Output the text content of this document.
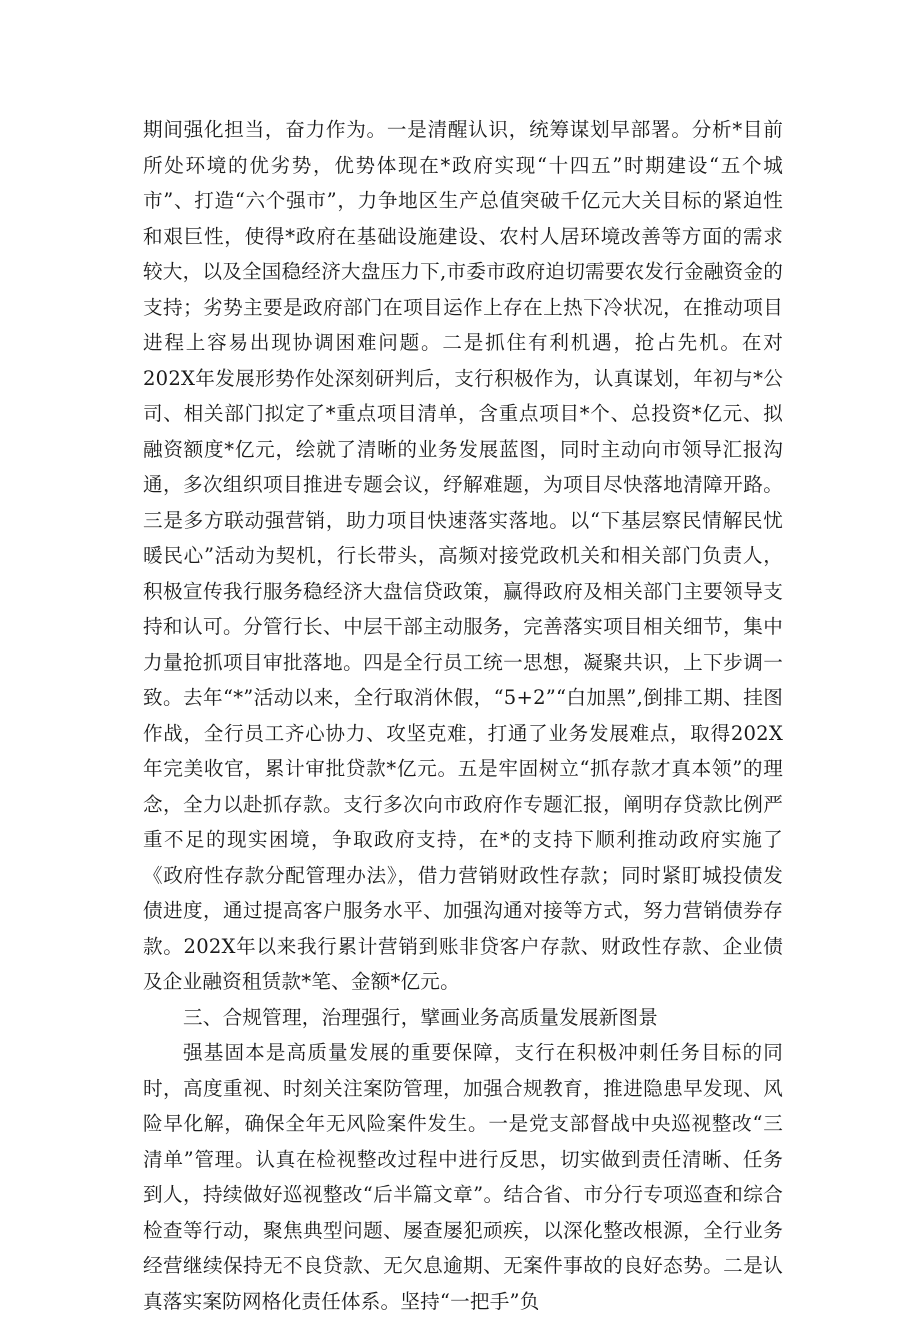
期间强化担当，奋力作为。一是清醒认识，统筹谋划早部署。分析*目前所处环境的优劣势，优势体现在*政府实现“十四五”时期建设“五个城市”、打造“六个强市”，力争地区生产总值突破千亿元大关目标的紧迫性和艰巨性，使得*政府在基础设施建设、农村人居环境改善等方面的需求较大，以及全国稳经济大盘压力下,市委市政府迫切需要农发行金融资金的支持；劣势主要是政府部门在项目运作上存在上热下冷状况，在推动项目进程上容易出现协调困难问题。二是抓住有利机遇，抢占先机。在对202X年发展形势作处深刻研判后，支行积极作为，认真谋划，年初与*公司、相关部门拟定了*重点项目清单，含重点项目*个、总投资*亿元、拟融资额度*亿元，绘就了清晰的业务发展蓝图，同时主动向市领导汇报沟通，多次组织项目推进专题会议，纾解难题，为项目尽快落地清障开路。三是多方联动强营销，助力项目快速落实落地。以“下基层察民情解民忧暖民心”活动为契机，行长带头，高频对接党政机关和相关部门负责人，积极宣传我行服务稳经济大盘信贷政策，赢得政府及相关部门主要领导支持和认可。分管行长、中层干部主动服务，完善落实项目相关细节，集中力量抢抓项目审批落地。四是全行员工统一思想，凝聚共识，上下步调一致。去年“*”活动以来，全行取消休假，“5+2”“白加黑”,倒排工期、挂图作战，全行员工齐心协力、攻坚克难，打通了业务发展难点，取得202X年完美收官，累计审批贷款*亿元。五是牢固树立“抓存款才真本领”的理念，全力以赴抓存款。支行多次向市政府作专题汇报，阐明存贷款比例严重不足的现实困境，争取政府支持，在*的支持下顺利推动政府实施了《政府性存款分配管理办法》，借力营销财政性存款；同时紧盯城投债发债进度，通过提高客户服务水平、加强沟通对接等方式，努力营销债券存款。202X年以来我行累计营销到账非贷客户存款、财政性存款、企业债及企业融资租赁款*笔、金额*亿元。

三、合规管理，治理强行，擘画业务高质量发展新图景

强基固本是高质量发展的重要保障，支行在积极冲刺任务目标的同时，高度重视、时刻关注案防管理，加强合规教育，推进隐患早发现、风险早化解，确保全年无风险案件发生。一是党支部督战中央巡视整改“三清单”管理。认真在检视整改过程中进行反思，切实做到责任清晰、任务到人，持续做好巡视整改“后半篇文章”。结合省、市分行专项巡查和综合检查等行动，聚焦典型问题、屡查屡犯顽疾，以深化整改根源，全行业务经营继续保持无不良贷款、无欠息逾期、无案件事故的良好态势。二是认真落实案防网格化责任体系。坚持“一把手”负
